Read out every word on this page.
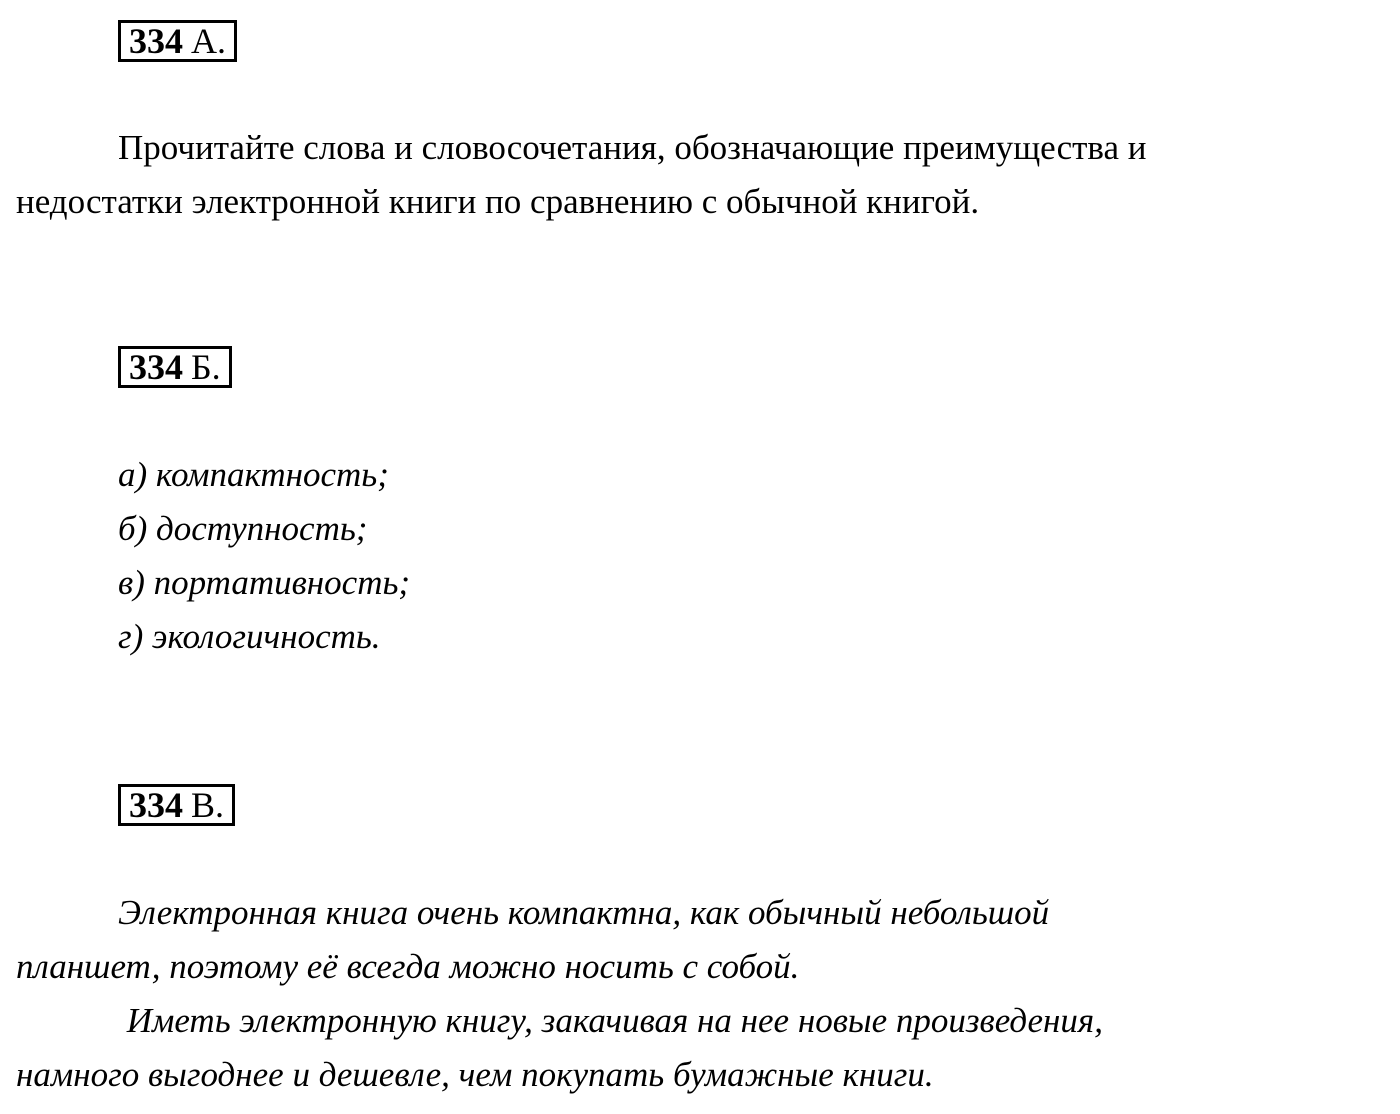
334 А.

Прочитайте слова и словосочетания, обозначающие преимущества и
недостатки электронной книги по сравнению с обычной книгой.

334 Б.
а) компактность;
б) доступность;
в) портативность;
г) экологичность.
334 В.

Электронная книга очень компактна, как обычный небольшой
планшет, поэтому её всегда можно носить с собой.
Иметь электронную книгу, закачивая на нее новые произведения,
намного выгоднее и дешевле, чем покупать бумажные книги.
